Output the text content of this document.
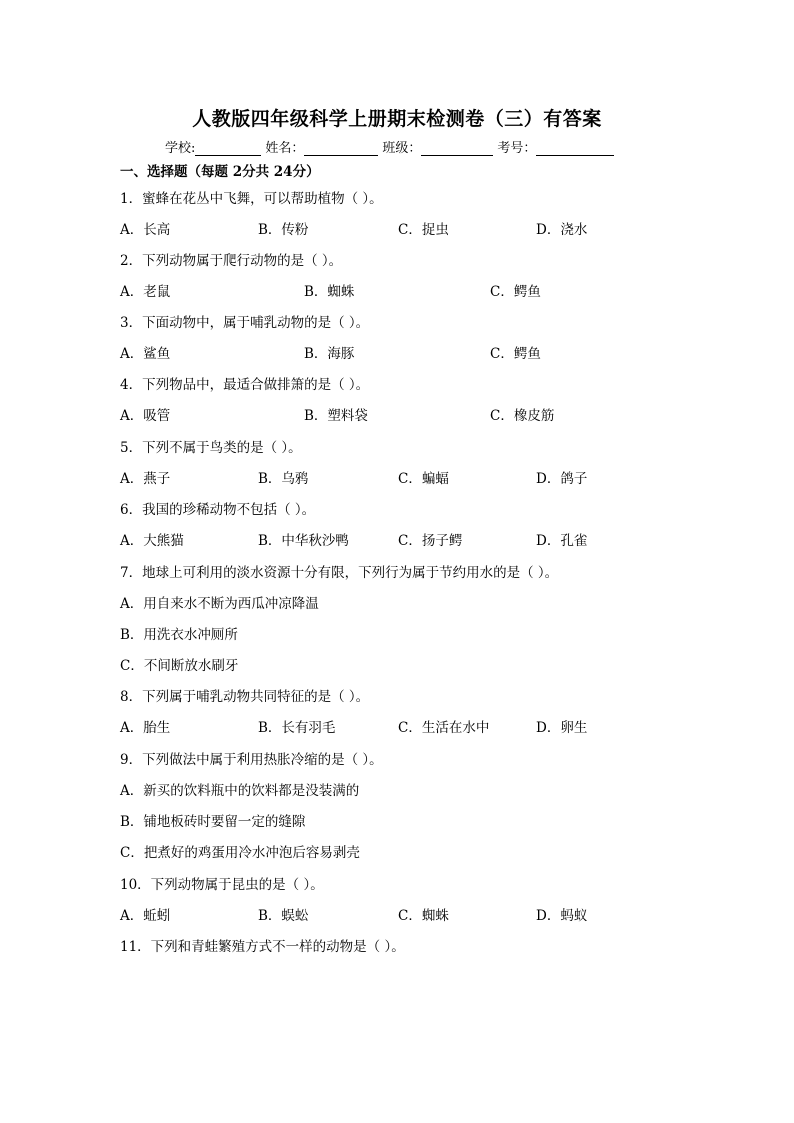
人教版四年级科学上册期末检测卷（三）有答案
学校:	姓名：	班级：	考号：
一、选择题（每题 2分共 24分）
1．蜜蜂在花丛中飞舞，可以帮助植物（ ）。
A．长高	B．传粉	C．捉虫	D．浇水
2．下列动物属于爬行动物的是（ ）。
A．老鼠	B．蜘蛛	C．鳄鱼
3．下面动物中，属于哺乳动物的是（ ）。
A．鲨鱼	B．海豚	C．鳄鱼
4．下列物品中，最适合做排箫的是（ ）。
A．吸管	B．塑料袋	C．橡皮筋
5．下列不属于鸟类的是（ ）。
A．燕子	B．乌鸦	C．蝙蝠	D．鸽子
6．我国的珍稀动物不包括（ ）。
A．大熊猫	B．中华秋沙鸭	C．扬子鳄	D．孔雀
7．地球上可利用的淡水资源十分有限，下列行为属于节约用水的是（ ）。
A．用自来水不断为西瓜冲凉降温
B．用洗衣水冲厕所
C．不间断放水刷牙
8．下列属于哺乳动物共同特征的是（ ）。
A．胎生	B．长有羽毛	C．生活在水中	D．卵生
9．下列做法中属于利用热胀冷缩的是（ ）。
A．新买的饮料瓶中的饮料都是没装满的
B．铺地板砖时要留一定的缝隙
C．把煮好的鸡蛋用冷水冲泡后容易剥壳
10．下列动物属于昆虫的是（ ）。
A．蚯蚓	B．蜈蚣	C．蜘蛛	D．蚂蚁
11．下列和青蛙繁殖方式不一样的动物是（ ）。
